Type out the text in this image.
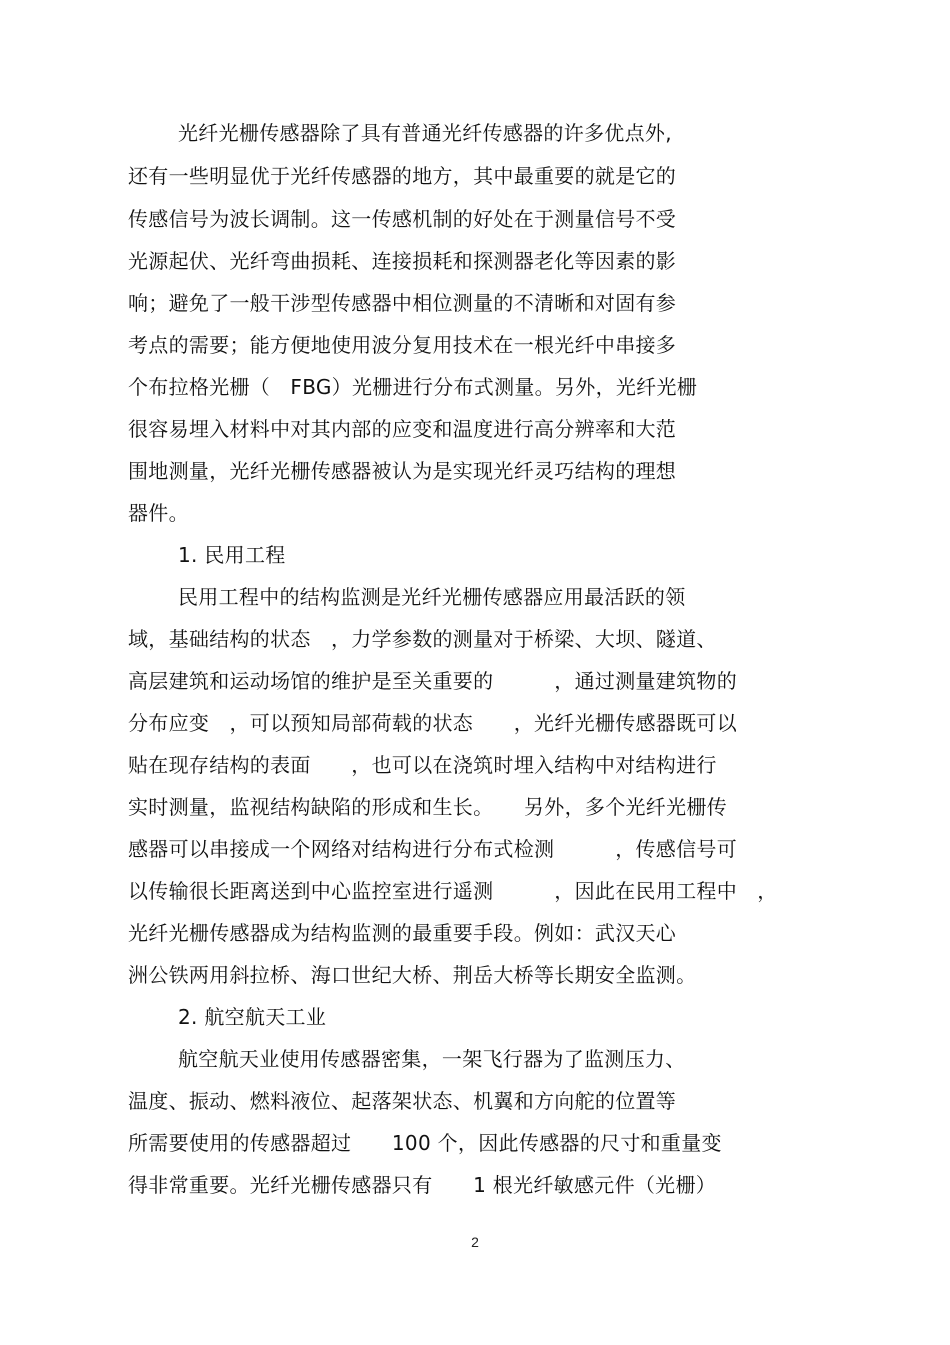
光纤光栅传感器除了具有普通光纤传感器的许多优点外,
还有一些明显优于光纤传感器的地方，其中最重要的就是它的
传感信号为波长调制。这一传感机制的好处在于测量信号不受
光源起伏、光纤弯曲损耗、连接损耗和探测器老化等因素的影
响；避免了一般干涉型传感器中相位测量的不清晰和对固有参
考点的需要；能方便地使用波分复用技术在一根光纤中串接多
个布拉格光栅（　FBG）光栅进行分布式测量。另外，光纤光栅
很容易埋入材料中对其内部的应变和温度进行高分辨率和大范
围地测量，光纤光栅传感器被认为是实现光纤灵巧结构的理想
器件。
1. 民用工程
民用工程中的结构监测是光纤光栅传感器应用最活跃的领
域，基础结构的状态　，力学参数的测量对于桥梁、大坝、隧道、
高层建筑和运动场馆的维护是至关重要的　　　，通过测量建筑物的
分布应变　，可以预知局部荷载的状态　　，光纤光栅传感器既可以
贴在现存结构的表面　　，也可以在浇筑时埋入结构中对结构进行
实时测量，监视结构缺陷的形成和生长。　　另外，多个光纤光栅传
感器可以串接成一个网络对结构进行分布式检测　　　，传感信号可
以传输很长距离送到中心监控室进行遥测　　　，因此在民用工程中　，
光纤光栅传感器成为结构监测的最重要手段。例如：武汉天心
洲公铁两用斜拉桥、海口世纪大桥、荆岳大桥等长期安全监测。
2. 航空航天工业
航空航天业使用传感器密集，一架飞行器为了监测压力、
温度、振动、燃料液位、起落架状态、机翼和方向舵的位置等
所需要使用的传感器超过　　100 个，因此传感器的尺寸和重量变
得非常重要。光纤光栅传感器只有　　1 根光纤敏感元件（光栅）
2
